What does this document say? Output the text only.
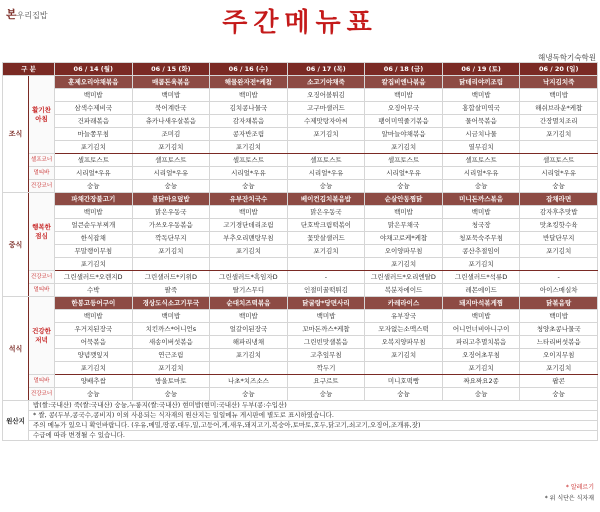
본우리집밥	주간메뉴표
해냉독학기숙학원
구 분		06 / 14 (월)	06 / 15 (화)	06 / 16 (수)	06 / 17 (목)	06 / 18 (금)	06 / 19 (토)	06 / 20 (일)
조식	활기찬 아침	훈제오리야채볶음	매콤돈육볶음	해물완자전*케찹	소고기야채죽	칼집비엔나볶음	닭데리야끼조림	낙지김치죽
		백미밥	백미밥	백미밥	오징어볼튀김	백미밥	백미밥	백미밥
		삼색수제비국	북어계란국	김치콩나물국	고구마샐러드	오징어무국	홍합살미역국	해쉬브라운*케찹
		건파래볶음	츄카나새우살볶음	감자채볶음	수제맛탕자아씨	팽이미역줄기볶음	물어묵볶음	간장멸치조리
		마늘쫑무침	조미김	콩자반조림	포기김치	알마늘야채볶음	시금치나물	포기김치
		포기김치	포기김치	포기김치		포기김치	열무김치	
	셀프코너	셀프토스트	셀프토스트	셀프토스트	셀프토스트	셀프토스트	셀프토스트	셀프토스트
	멀티바	시리얼*우유	시리얼*우유	시리얼*우유	시리얼*우유	시리얼*우유	시리얼*우유	시리얼*우유
	건강코너	숭늉	숭늉	숭늉	숭늉	숭늉	숭늉	숭늉
중식	행복한 점심	파채간장불고기	불닭마요덮밥	유부잔치국수	베이컨김치볶음밥	순살안동찜닭	미니돈까스볶음	잡채라면
		백미밥	맑은우동국	백미밥	맑은우동국	백미밥	백미밥	감자후추맛밥
		얼큰순두부찌개	가쓰오우동볶음	고기경단데리조림	단호박크림떡볶이	맑은무채국	청국장	맛초킹핫수육
		한식잡채	깍독단무지	부추오리맨탕무침	꽃맛살샐러드	야채고로케*케찹	청포묵숙주무침	반달단무지
		무말랭이무침	포기김치	포기김치	포기김치	오이양파무침	콩산추절임이	포기김치
		포기김치				포기김치	포기김치	
	건강코너	그린샐러드*오렌지D	그린샐러드*키위D	그린샐러드*흑임자D	-	그린샐러드*오리엔탈D	그린샐러드*석류D	-
	멀티바	수박	팔죽	탈기스무디	인절미꿀떡튀김	복분자에이드	레몬에이드	아이스매실차
석식	건강한 저녁	한봉고등어구이	경상도식소고기무국	순대치즈떡볶음	닭굴랑*당면사리	카레라이스	돼지마석볶게찜	닭볶음탕
		백미밥	백미밥	백미밥	백미밥	유부장국	백미밥	백미밥
		우거지된장국	치킨까스*어니언s	얼갈이된장국	꼬마돈까스*케찹	모자없는소맥스떡	어니언너비아니구이	청양초콩나물국
		어묵볶음	새송이버섯볶음	해파리냉채	그린빈맛샐볶음	오복지양파무침	파리고추멸치볶음	느타리버섯볶음
		양념깻잎지	연근조림	포기김치	고추잎무침	포기김치	오징어초무침	오이지무침
		포기김치	포기김치		깍두기		포기김치	포기김치
	멀티바	양배추쌈	방울토마토	나초*치즈소스	요구르트	미니호떡빵	짜요짜요2종	팝콘
	건강코너	숭늉	숭늉	숭늉	숭늉	숭늉	숭늉	숭늉
원산지	밥(쌀:국내산) 죽(쌀:국내산) 숭늉,누룽지(쌀:국내산) 현미밥(현미:국내산) 두부(콩:수입산)							
	* 쌀, 콩(두부,콩국수,콩비지) 이외 사용되는 식자재의 원산지는 일일메뉴 게시판에 별도로 표시하였습니다.							
	주의 메뉴가 있으니 확인바랍니다. (우유,메밀,땅콩,대두,밀,고등어,게,새우,돼지고기,복숭아,토마토,호두,닭고기,쇠고기,오징어,조개류,잣)							
	수급에 따라 변경될 수 있습니다.							
* 알레르기
* 위 식단은 식자재
